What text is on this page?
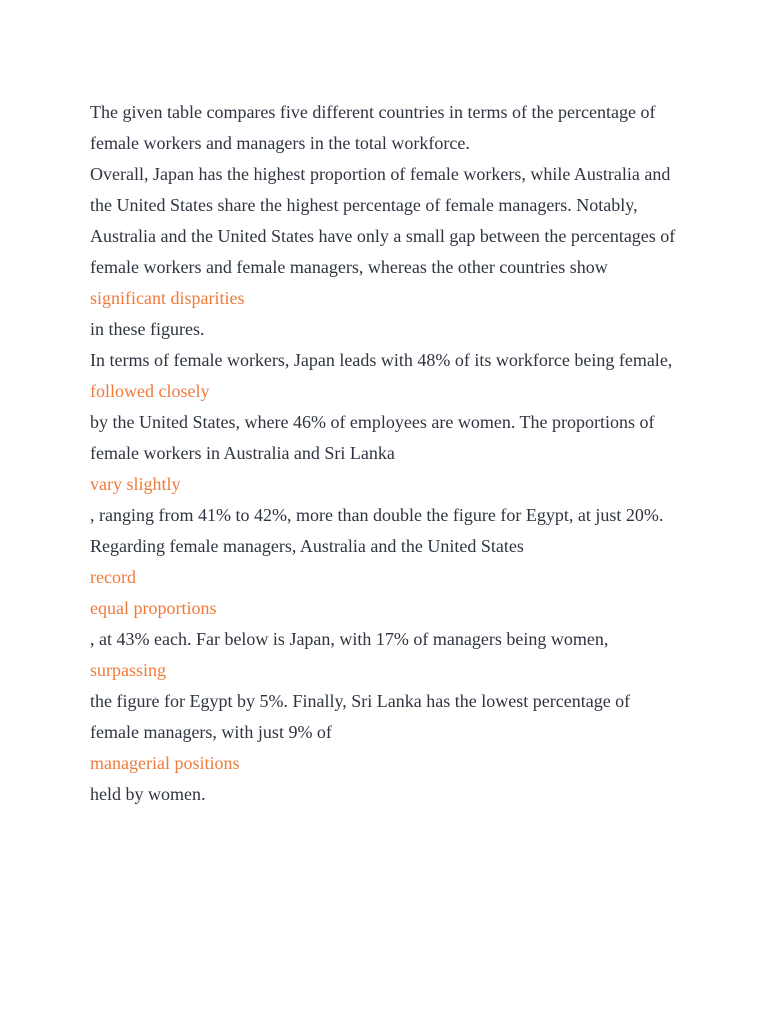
The given table compares five different countries in terms of the percentage of female workers and managers in the total workforce.

Overall, Japan has the highest proportion of female workers, while Australia and the United States share the highest percentage of female managers. Notably, Australia and the United States have only a small gap between the percentages of female workers and female managers, whereas the other countries show

significant disparities

in these figures.

In terms of female workers, Japan leads with 48% of its workforce being female,

followed closely

by the United States, where 46% of employees are women. The proportions of female workers in Australia and Sri Lanka

vary slightly

, ranging from 41% to 42%, more than double the figure for Egypt, at just 20%.

Regarding female managers, Australia and the United States

record

equal proportions

, at 43% each. Far below is Japan, with 17% of managers being women,

surpassing

the figure for Egypt by 5%. Finally, Sri Lanka has the lowest percentage of female managers, with just 9% of

managerial positions

held by women.
